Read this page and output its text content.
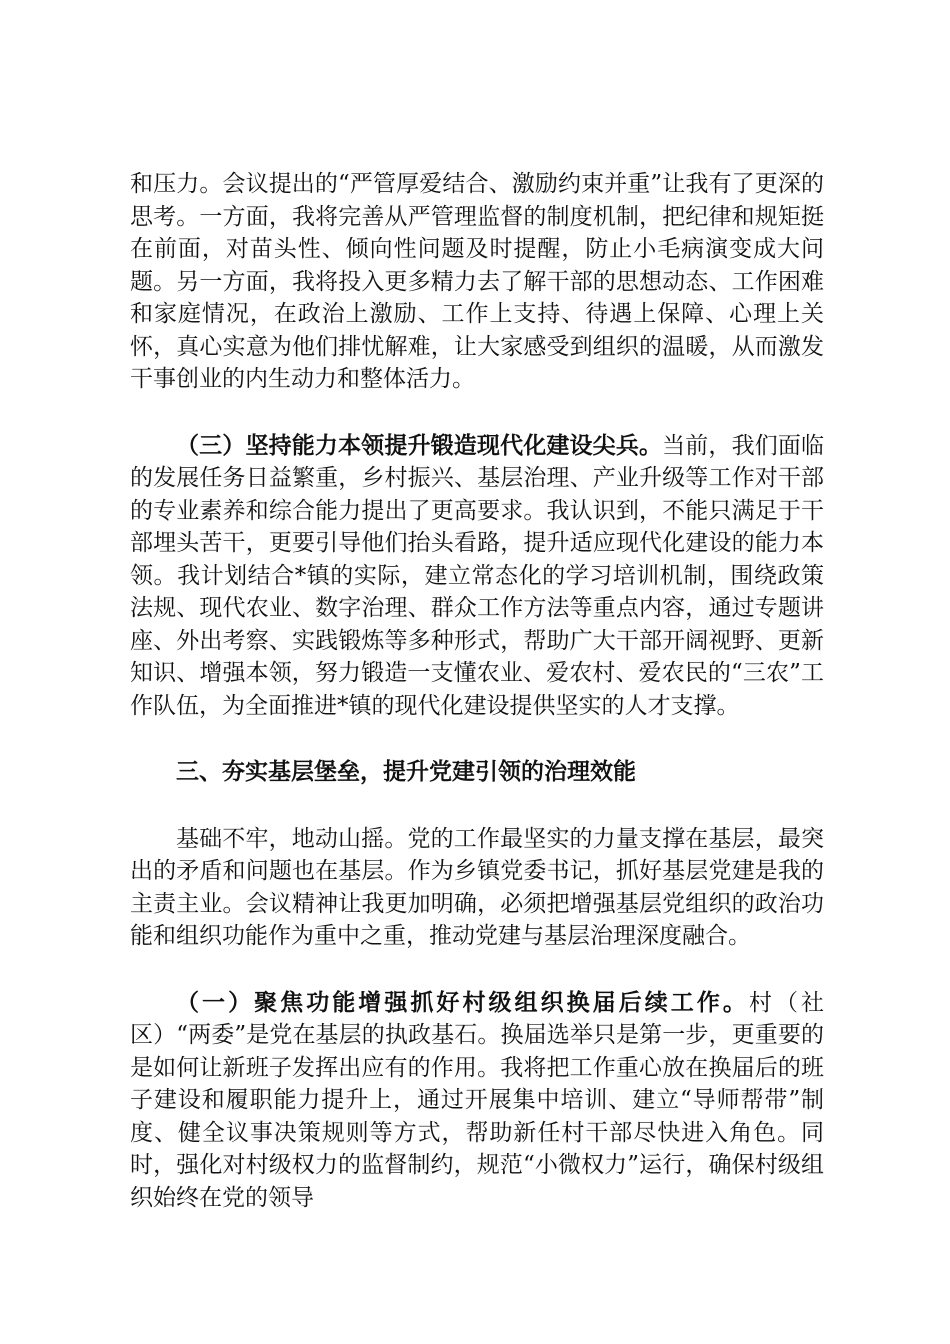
和压力。会议提出的“严管厚爱结合、激励约束并重”让我有了更深的思考。一方面，我将完善从严管理监督的制度机制，把纪律和规矩挺在前面，对苗头性、倾向性问题及时提醒，防止小毛病演变成大问题。另一方面，我将投入更多精力去了解干部的思想动态、工作困难和家庭情况，在政治上激励、工作上支持、待遇上保障、心理上关怀，真心实意为他们排忧解难，让大家感受到组织的温暖，从而激发干事创业的内生动力和整体活力。

（三）坚持能力本领提升锻造现代化建设尖兵。当前，我们面临的发展任务日益繁重，乡村振兴、基层治理、产业升级等工作对干部的专业素养和综合能力提出了更高要求。我认识到，不能只满足于干部埋头苦干，更要引导他们抬头看路，提升适应现代化建设的能力本领。我计划结合*镇的实际，建立常态化的学习培训机制，围绕政策法规、现代农业、数字治理、群众工作方法等重点内容，通过专题讲座、外出考察、实践锻炼等多种形式，帮助广大干部开阔视野、更新知识、增强本领，努力锻造一支懂农业、爱农村、爱农民的“三农”工作队伍，为全面推进*镇的现代化建设提供坚实的人才支撑。

三、夯实基层堡垒，提升党建引领的治理效能

基础不牢，地动山摇。党的工作最坚实的力量支撑在基层，最突出的矛盾和问题也在基层。作为乡镇党委书记，抓好基层党建是我的主责主业。会议精神让我更加明确，必须把增强基层党组织的政治功能和组织功能作为重中之重，推动党建与基层治理深度融合。

（一）聚焦功能增强抓好村级组织换届后续工作。村（社区）“两委”是党在基层的执政基石。换届选举只是第一步，更重要的是如何让新班子发挥出应有的作用。我将把工作重心放在换届后的班子建设和履职能力提升上，通过开展集中培训、建立“导师帮带”制度、健全议事决策规则等方式，帮助新任村干部尽快进入角色。同时，强化对村级权力的监督制约，规范“小微权力”运行，确保村级组织始终在党的领导
